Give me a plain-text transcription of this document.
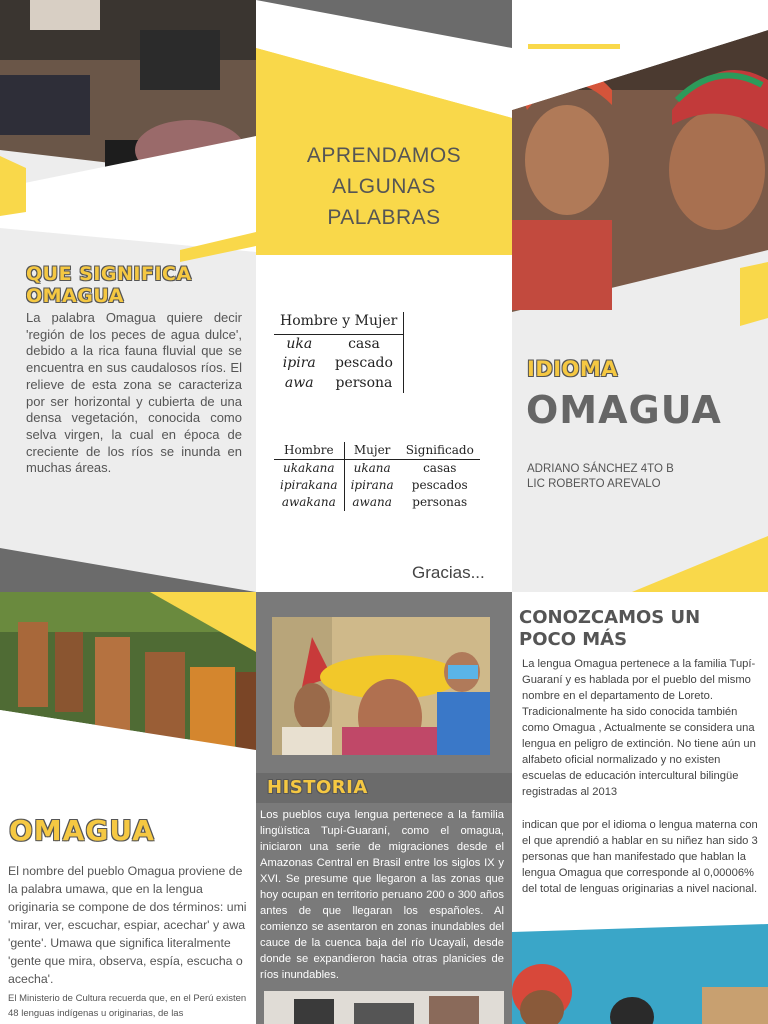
QUE SIGNIFICA OMAGUA
La palabra Omagua quiere decir 'región de los peces de agua dulce', debido a la rica fauna fluvial que se encuentra en sus caudalosos ríos. El relieve de esta zona se caracteriza por ser horizontal y cubierta de una densa vegetación, conocida como selva virgen, la cual en época de creciente de los ríos se inunda en muchas áreas.
APRENDAMOS
ALGUNAS
PALABRAS
Hombre y Mujer	
uka	casa
ipira	pescado
awa	persona
Hombre	Mujer	Significado
ukakana	ukana	casas
ipirakana	ipirana	pescados
awakana	awana	personas
Gracias...
IDIOMA
OMAGUA
ADRIANO SÁNCHEZ 4TO B
LIC ROBERTO AREVALO
OMAGUA
El nombre del pueblo Omagua proviene de la palabra umawa, que en la lengua originaria se compone de dos términos: umi 'mirar, ver, escuchar, espiar, acechar' y awa 'gente'. Umawa que significa literalmente 'gente que mira, observa, espía, escucha o acecha'.
El Ministerio de Cultura recuerda que, en el Perú existen 48 lenguas indígenas u originarias, de las
HISTORIA
Los pueblos cuya lengua pertenece a la familia lingüística Tupí-Guaraní, como el omagua, iniciaron una serie de migraciones desde el Amazonas Central en Brasil entre los siglos IX y XVI. Se presume que llegaron a las zonas que hoy ocupan en territorio peruano 200 o 300 años antes de que llegaran los españoles. Al comienzo se asentaron en zonas inundables del cauce de la cuenca baja del río Ucayali, desde donde se expandieron hacia otras planicies de ríos inundables.
CONOZCAMOS UN
POCO MÁS
La lengua Omagua pertenece a la familia Tupí-Guaraní y es hablada por el pueblo del mismo nombre en el departamento de Loreto. Tradicionalmente ha sido conocida también como Omagua , Actualmente se considera una lengua en peligro de extinción. No tiene aún un alfabeto oficial normalizado y no existen escuelas de educación intercultural bilingüe registradas al 2013
indican que por el idioma o lengua materna con el que aprendió a hablar en su niñez han sido 3 personas que han manifestado que hablan la lengua Omagua que corresponde al 0,00006% del total de lenguas originarias a nivel nacional.
